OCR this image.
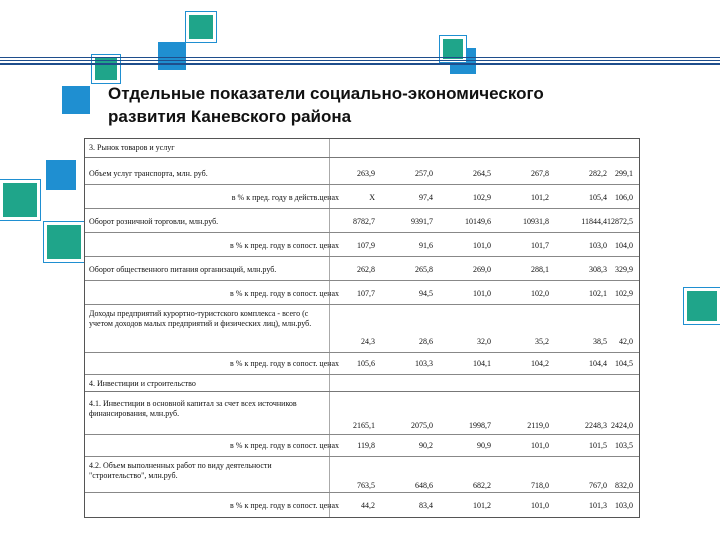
Отдельные показатели социально-экономического
развития Каневского района
3. Рынок товаров и услуг
Объем услуг транспорта, млн. руб.	263,9	257,0	264,5	267,8	282,2	299,1
в % к пред. году в действ.ценах	Х	97,4	102,9	101,2	105,4	106,0
Оборот розничной торговли, млн.руб.	8782,7	9391,7	10149,6	10931,8	11844,4 12872,5
в % к пред. году в сопост. ценах	107,9	91,6	101,0	101,7	103,0	104,0
Оборот общественного питания организаций, млн.руб.	262,8	265,8	269,0	288,1	308,3	329,9
в % к пред. году в сопост. ценах	107,7	94,5	101,0	102,0	102,1	102,9
Доходы предприятий курортно-туристского комплекса - всего (с учетом доходов малых предприятий и физических лиц), млн.руб.
24,3	28,6	32,0	35,2	38,5	42,0
в % к пред. году в сопост. ценах	105,6	103,3	104,1	104,2	104,4	104,5
4. Инвестиции и строительство
4.1. Инвестиции в основной капитал за счет всех источников финансирования, млн.руб.
2165,1	2075,0	1998,7	2119,0	2248,3 2424,0
в % к пред. году в сопост. ценах	119,8	90,2	90,9	101,0	101,5	103,5
4.2. Объем выполненных работ по виду деятельности "строительство", млн.руб.
763,5	648,6	682,2	718,0	767,0	832,0
в % к пред. году в сопост. ценах	44,2	83,4	101,2	101,0	101,3	103,0
